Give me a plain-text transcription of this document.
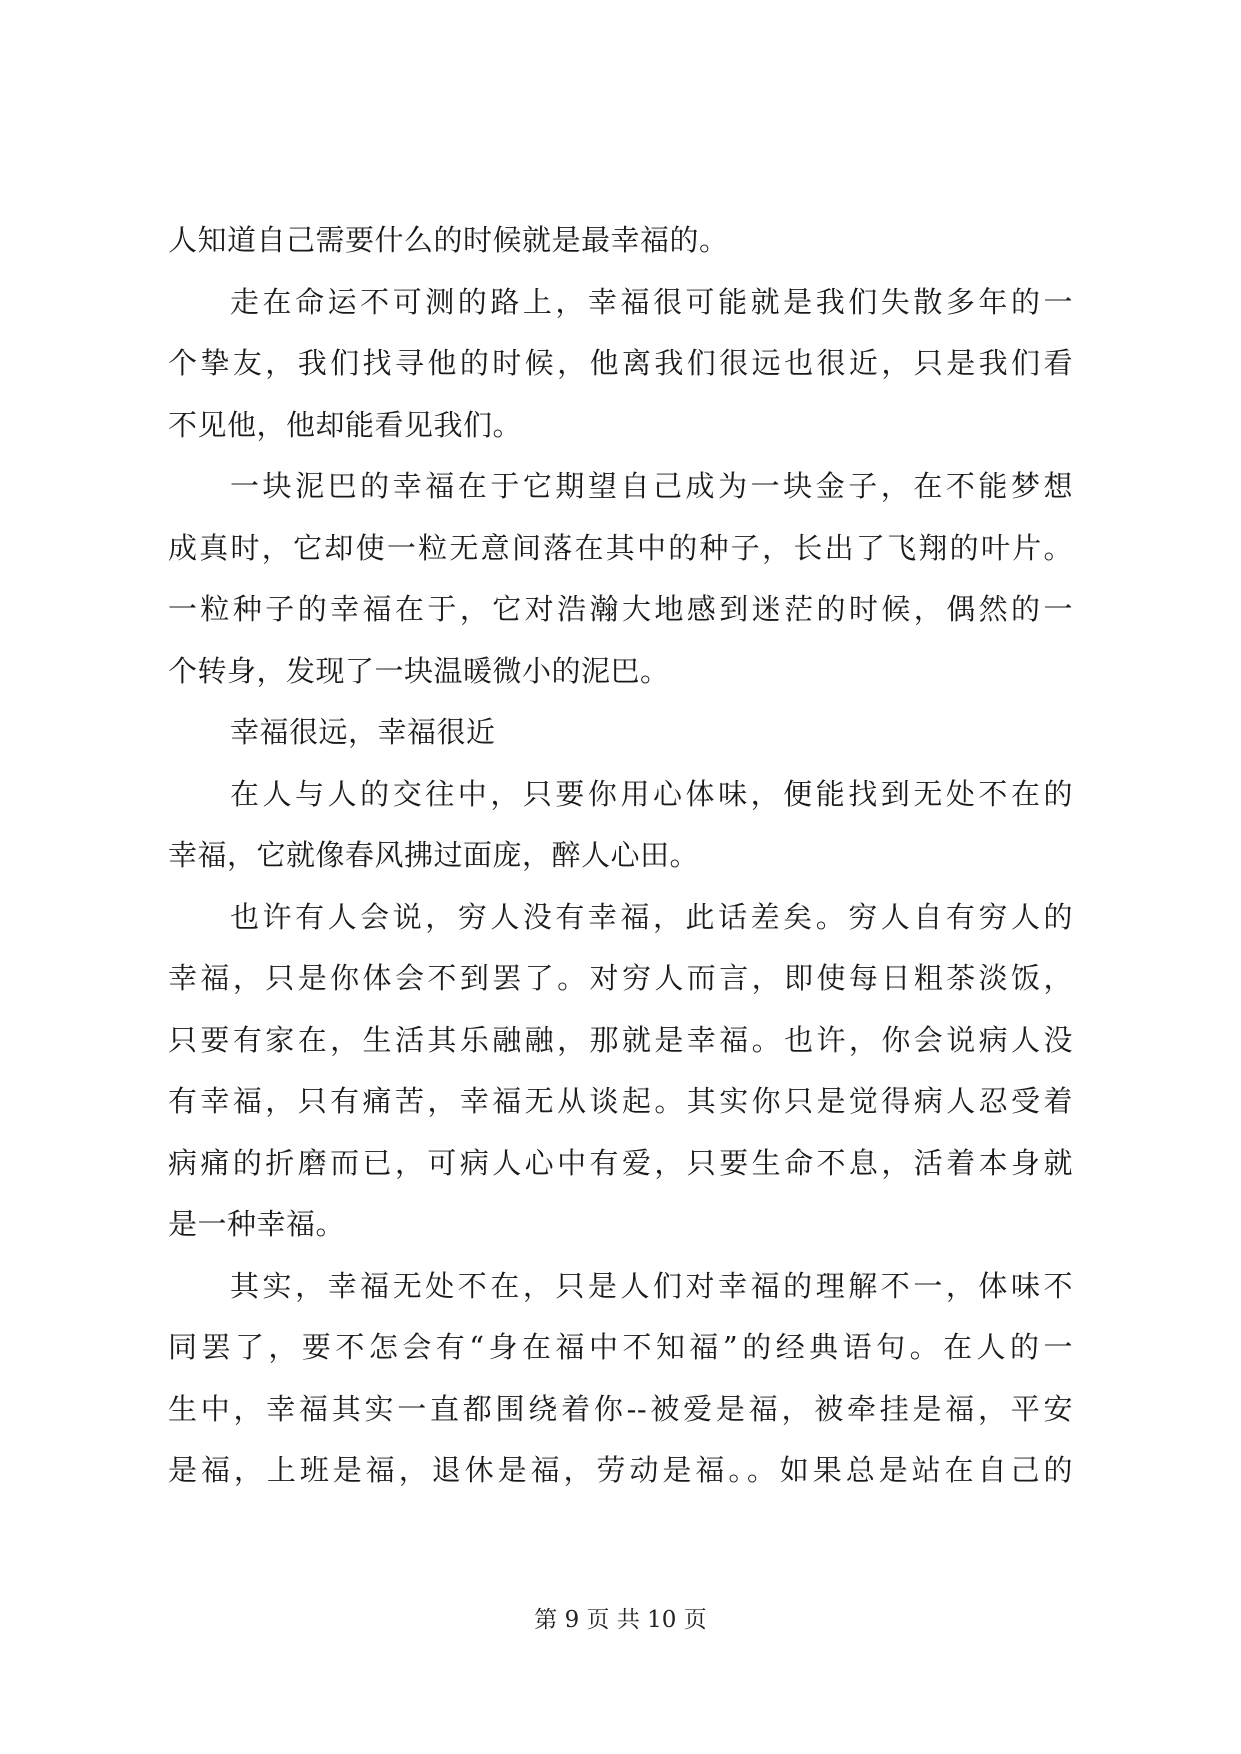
人知道自己需要什么的时候就是最幸福的。
走在命运不可测的路上，幸福很可能就是我们失散多年的一
个挚友，我们找寻他的时候，他离我们很远也很近，只是我们看
不见他，他却能看见我们。
一块泥巴的幸福在于它期望自己成为一块金子，在不能梦想
成真时，它却使一粒无意间落在其中的种子，长出了飞翔的叶片。
一粒种子的幸福在于，它对浩瀚大地感到迷茫的时候，偶然的一
个转身，发现了一块温暖微小的泥巴。
幸福很远，幸福很近
在人与人的交往中，只要你用心体味，便能找到无处不在的
幸福，它就像春风拂过面庞，醉人心田。
也许有人会说，穷人没有幸福，此话差矣。穷人自有穷人的
幸福，只是你体会不到罢了。对穷人而言，即使每日粗茶淡饭，
只要有家在，生活其乐融融，那就是幸福。也许，你会说病人没
有幸福，只有痛苦，幸福无从谈起。其实你只是觉得病人忍受着
病痛的折磨而已，可病人心中有爱，只要生命不息，活着本身就
是一种幸福。
其实，幸福无处不在，只是人们对幸福的理解不一，体味不
同罢了，要不怎会有“身在福中不知福”的经典语句。在人的一
生中，幸福其实一直都围绕着你--被爱是福，被牵挂是福，平安
是福，上班是福，退休是福，劳动是福。。如果总是站在自己的
第 9 页 共 10 页
